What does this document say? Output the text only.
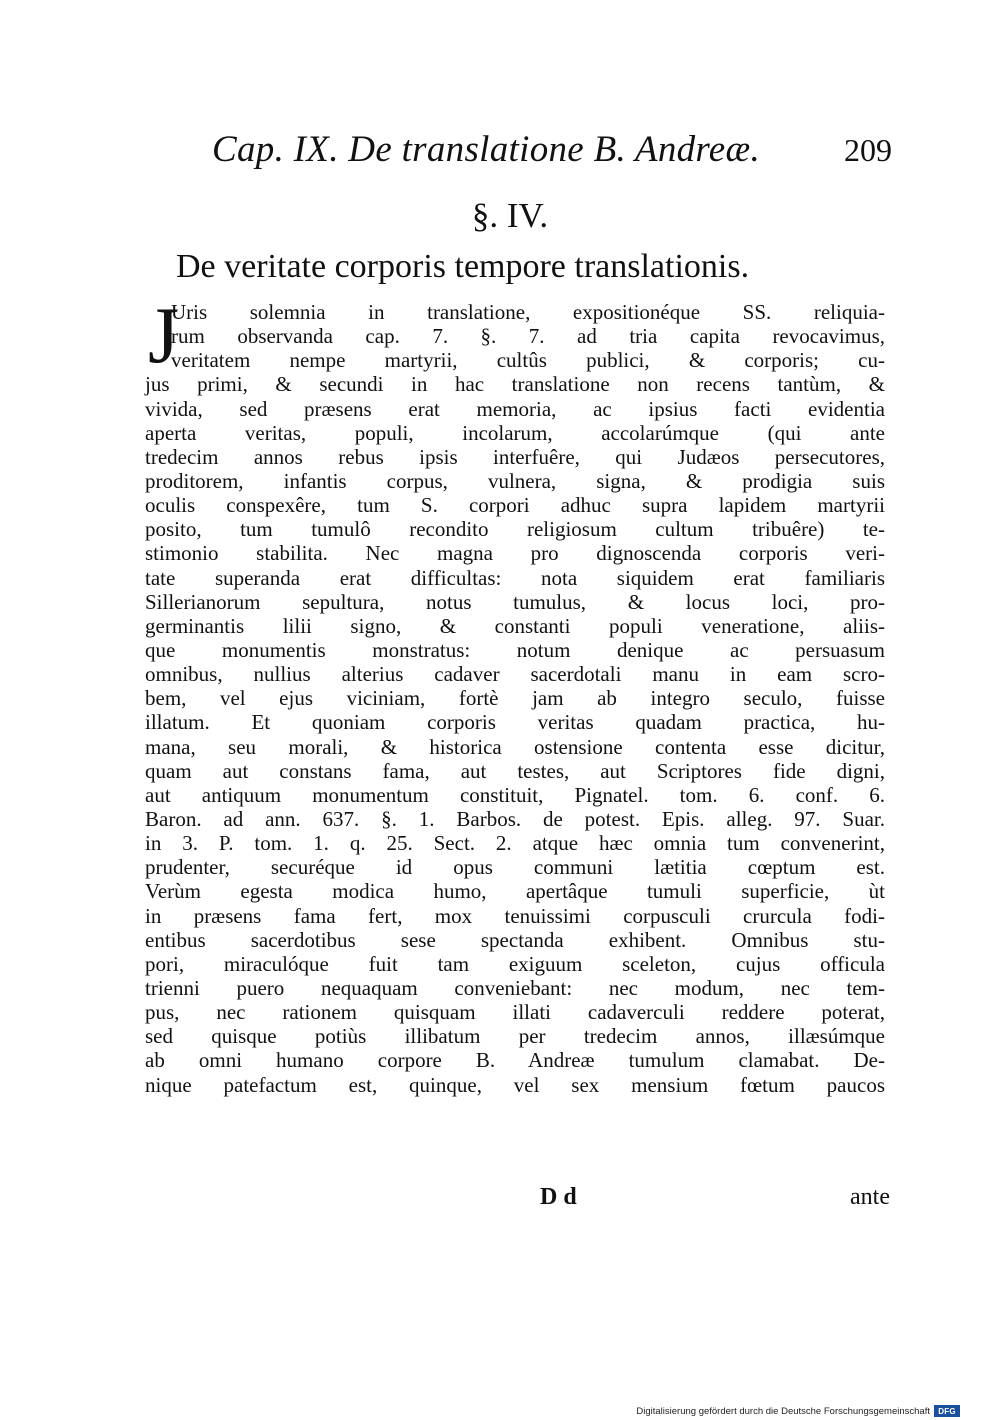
Cap. IX. De translatione B. Andreæ.	209
§. IV.
De veritate corporis tempore translationis.
J
Uris solemnia in translatione, expositionéque SS. reliquia-
rum observanda cap. 7. §. 7. ad tria capita revocavimus,
veritatem nempe martyrii, cultûs publici, & corporis; cu-
jus primi, & secundi in hac translatione non recens tantùm, &
vivida, sed præsens erat memoria, ac ipsius facti evidentia
aperta veritas, populi, incolarum, accolarúmque (qui ante
tredecim annos rebus ipsis interfuêre, qui Judæos persecutores,
proditorem, infantis corpus, vulnera, signa, & prodigia suis
oculis conspexêre, tum S. corpori adhuc supra lapidem martyrii
posito, tum tumulô recondito religiosum cultum tribuêre) te-
stimonio stabilita. Nec magna pro dignoscenda corporis veri-
tate superanda erat difficultas: nota siquidem erat familiaris
Sillerianorum sepultura, notus tumulus, & locus loci, pro-
germinantis lilii signo, & constanti populi veneratione, aliis-
que monumentis monstratus: notum denique ac persuasum
omnibus, nullius alterius cadaver sacerdotali manu in eam scro-
bem, vel ejus viciniam, fortè jam ab integro seculo, fuisse
illatum. Et quoniam corporis veritas quadam practica, hu-
mana, seu morali, & historica ostensione contenta esse dicitur,
quam aut constans fama, aut testes, aut Scriptores fide digni,
aut antiquum monumentum constituit, Pignatel. tom. 6. conf. 6.
Baron. ad ann. 637. §. 1. Barbos. de potest. Epis. alleg. 97. Suar.
in 3. P. tom. 1. q. 25. Sect. 2. atque hæc omnia tum convenerint,
prudenter, securéque id opus communi lætitia cœptum est.
Verùm egesta modica humo, apertâque tumuli superficie, ùt
in præsens fama fert, mox tenuissimi corpusculi crurcula fodi-
entibus sacerdotibus sese spectanda exhibent. Omnibus stu-
pori, miraculóque fuit tam exiguum sceleton, cujus officula
trienni puero nequaquam conveniebant: nec modum, nec tem-
pus, nec rationem quisquam illati cadaverculi reddere poterat,
sed quisque potiùs illibatum per tredecim annos, illæsúmque
ab omni humano corpore B. Andreæ tumulum clamabat. De-
nique patefactum est, quinque, vel sex mensium fœtum paucos
D d	ante
Digitalisierung gefördert durch die Deutsche Forschungsgemeinschaft	DFG
